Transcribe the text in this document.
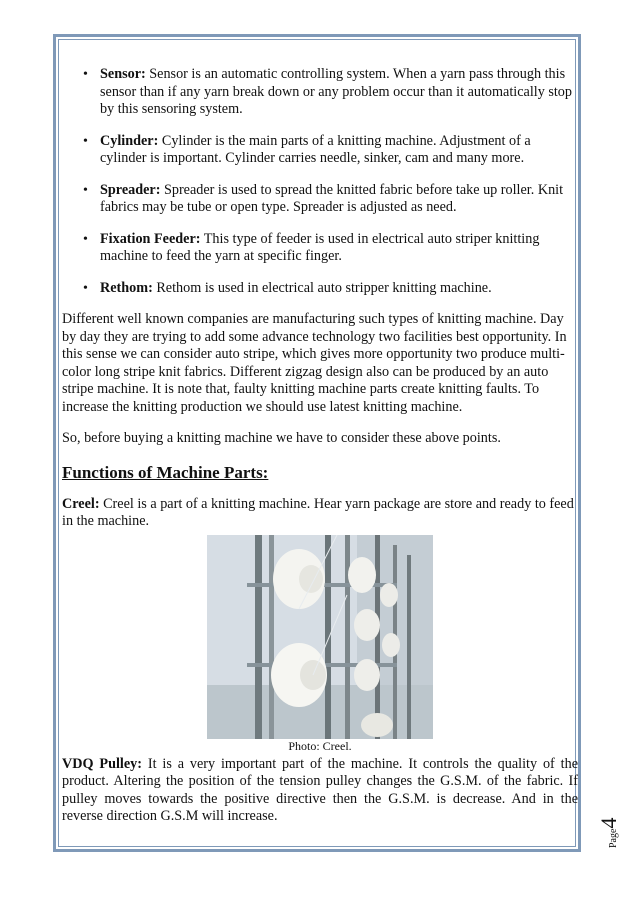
• Sensor: Sensor is an automatic controlling system. When a yarn pass through this sensor than if any yarn break down or any problem occur than it automatically stop by this sensoring system.
• Cylinder: Cylinder is the main parts of a knitting machine. Adjustment of a cylinder is important. Cylinder carries needle, sinker, cam and many more.
• Spreader: Spreader is used to spread the knitted fabric before take up roller. Knit fabrics may be tube or open type. Spreader is adjusted as need.
• Fixation Feeder: This type of feeder is used in electrical auto striper knitting machine to feed the yarn at specific finger.
• Rethom: Rethom is used in electrical auto stripper knitting machine.

Different well known companies are manufacturing such types of knitting machine. Day by day they are trying to add some advance technology two facilities best opportunity. In this sense we can consider auto stripe, which gives more opportunity two produce multi-color long stripe knit fabrics. Different zigzag design also can be produced by an auto stripe machine. It is note that, faulty knitting machine parts create knitting faults. To increase the knitting production we should use latest knitting machine.

So, before buying a knitting machine we have to consider these above points.

Functions of Machine Parts:

Creel: Creel is a part of a knitting machine. Hear yarn package are store and ready to feed in the machine.

Photo: Creel.

VDQ Pulley: It is a very important part of the machine. It controls the quality of the product. Altering the position of the tension pulley changes the G.S.M. of the fabric. If pulley moves towards the positive directive then the G.S.M. is decrease. And in the reverse direction G.S.M will increase.

Page4
